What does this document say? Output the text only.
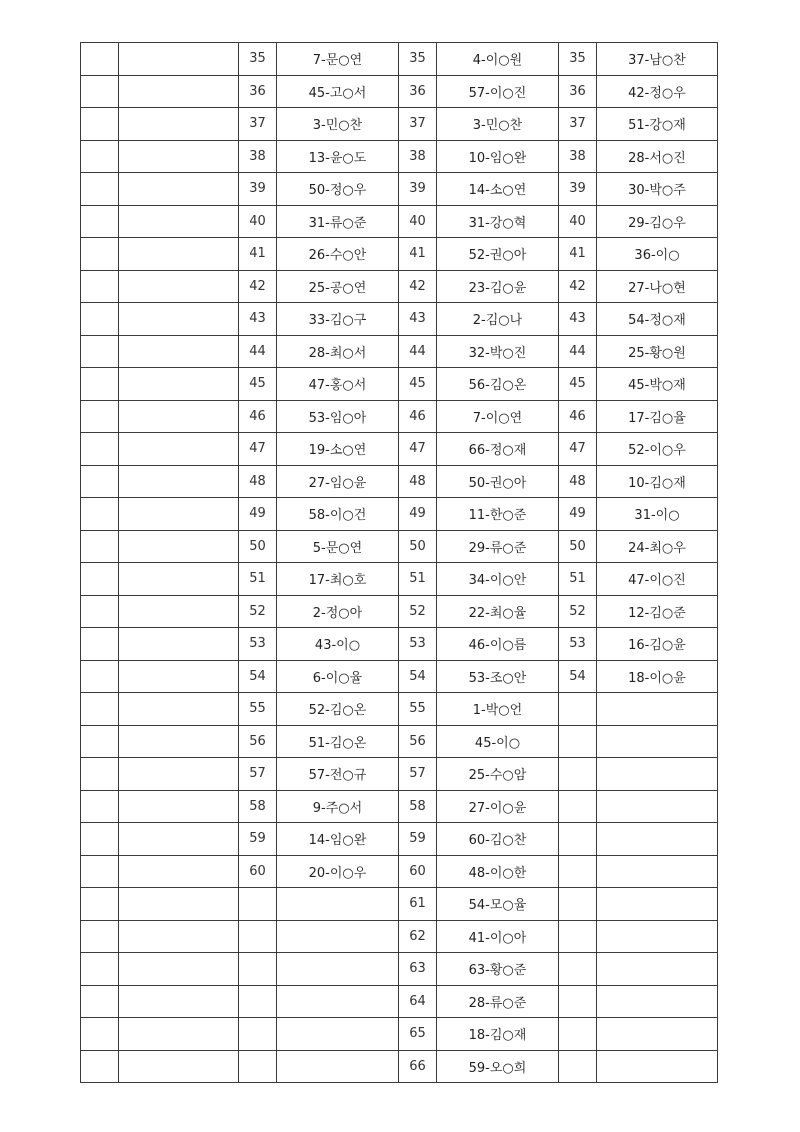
		35	7-문○연	35	4-이○원	35	37-남○찬
		36	45-고○서	36	57-이○진	36	42-정○우
		37	3-민○찬	37	3-민○찬	37	51-강○재
		38	13-윤○도	38	10-임○완	38	28-서○진
		39	50-정○우	39	14-소○연	39	30-박○주
		40	31-류○준	40	31-강○혁	40	29-김○우
		41	26-수○안	41	52-권○아	41	36-이○
		42	25-공○연	42	23-김○윤	42	27-나○현
		43	33-김○구	43	2-김○나	43	54-정○재
		44	28-최○서	44	32-박○진	44	25-황○원
		45	47-홍○서	45	56-김○온	45	45-박○재
		46	53-임○아	46	7-이○연	46	17-김○율
		47	19-소○연	47	66-정○재	47	52-이○우
		48	27-임○윤	48	50-권○아	48	10-김○재
		49	58-이○건	49	11-한○준	49	31-이○
		50	5-문○연	50	29-류○준	50	24-최○우
		51	17-최○호	51	34-이○안	51	47-이○진
		52	2-정○아	52	22-최○율	52	12-김○준
		53	43-이○	53	46-이○름	53	16-김○윤
		54	6-이○율	54	53-조○안	54	18-이○윤
		55	52-김○온	55	1-박○언		
		56	51-김○온	56	45-이○		
		57	57-전○규	57	25-수○암		
		58	9-주○서	58	27-이○윤		
		59	14-임○완	59	60-김○찬		
		60	20-이○우	60	48-이○한		
				61	54-모○율		
				62	41-이○아		
				63	63-황○준		
				64	28-류○준		
				65	18-김○재		
				66	59-오○희		
